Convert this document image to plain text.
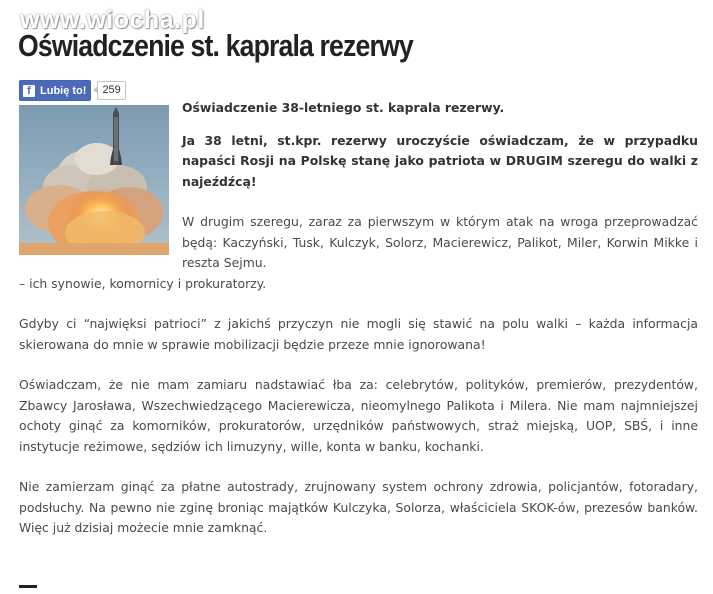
www.wiocha.pl
Oświadczenie st. kaprala rezerwy
f Lubię to!	259

Oświadczenie 38-letniego st. kaprala rezerwy.

Ja 38 letni, st.kpr. rezerwy uroczyście oświadczam, że w przypadku napaści Rosji na Polskę stanę jako patriota w DRUGIM szeregu do walki z najeźdźcą!

W drugim szeregu, zaraz za pierwszym w którym atak na wroga przeprowadzać będą: Kaczyński, Tusk, Kulczyk, Solorz, Macierewicz, Palikot, Miler, Korwin Mikke i reszta Sejmu.

– ich synowie, komornicy i prokuratorzy.

Gdyby ci “najwięksi patrioci” z jakichś przyczyn nie mogli się stawić na polu walki – każda informacja skierowana do mnie w sprawie mobilizacji będzie przeze mnie ignorowana!

Oświadczam, że nie mam zamiaru nadstawiać łba za: celebrytów, polityków, premierów, prezydentów, Zbawcy Jarosława, Wszechwiedzącego Macierewicza, nieomylnego Palikota i Milera. Nie mam najmniejszej ochoty ginąć za komorników, prokuratorów, urzędników państwowych, straż miejską, UOP, SBŚ, i inne instytucje reżimowe, sędziów ich limuzyny, wille, konta w banku, kochanki.

Nie zamierzam ginąć za płatne autostrady, zrujnowany system ochrony zdrowia, policjantów, fotoradary, podsłuchy. Na pewno nie zginę broniąc majątków Kulczyka, Solorza, właściciela SKOK-ów, prezesów banków. Więc już dzisiaj możecie mnie zamknąć.
